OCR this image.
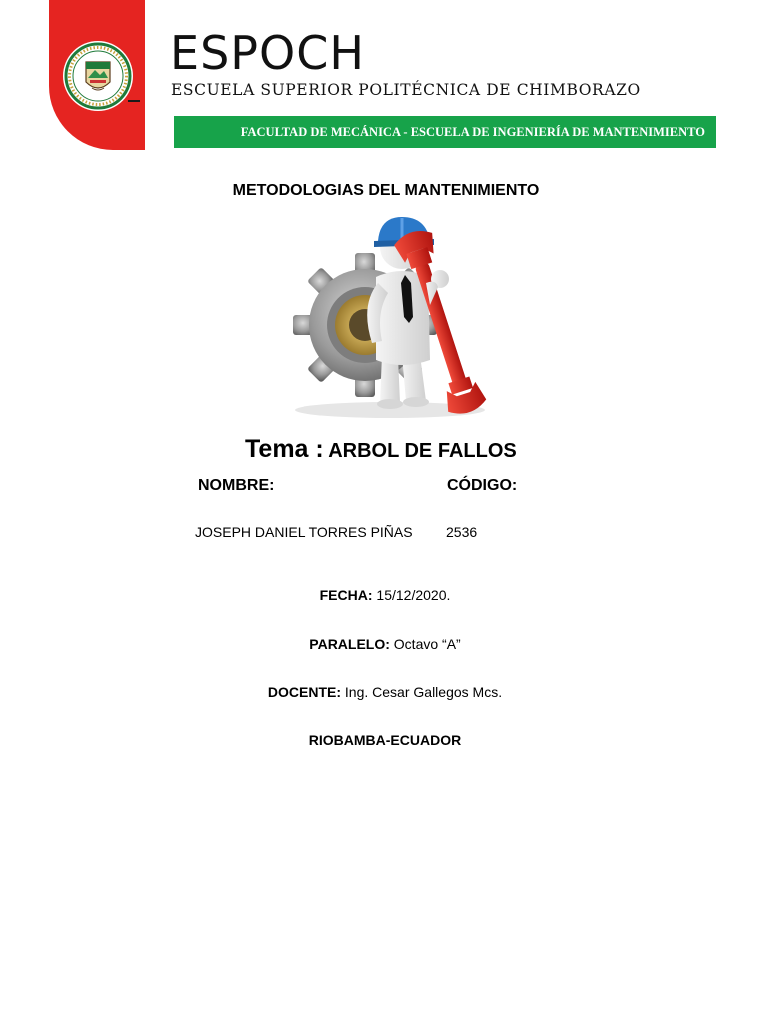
ESPOCH
ESCUELA SUPERIOR POLITÉCNICA DE CHIMBORAZO
FACULTAD DE MECÁNICA - ESCUELA DE INGENIERÍA DE MANTENIMIENTO
METODOLOGIAS DEL MANTENIMIENTO
Tema : ARBOL DE FALLOS
NOMBRE:	CÓDIGO:
JOSEPH DANIEL TORRES PIÑAS 2536
FECHA: 15/12/2020.
PARALELO: Octavo “A”
DOCENTE: Ing. Cesar Gallegos Mcs.
RIOBAMBA-ECUADOR
